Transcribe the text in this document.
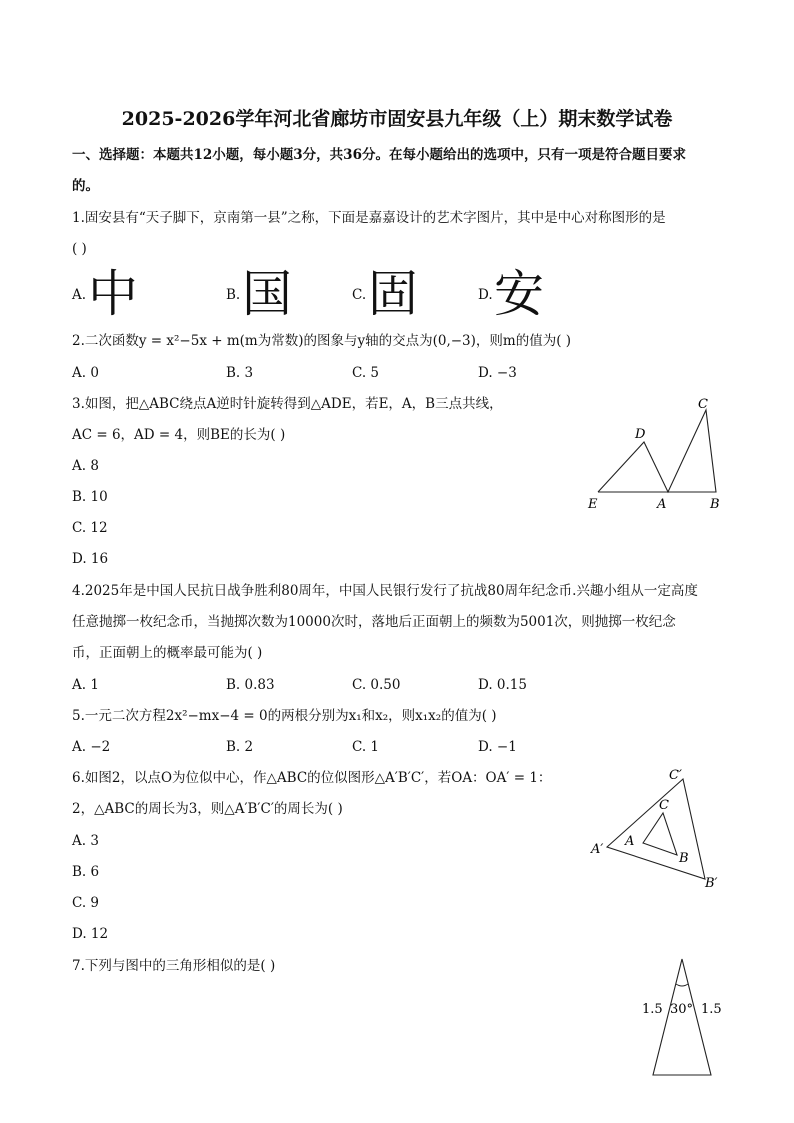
2025-2026学年河北省廊坊市固安县九年级（上）期末数学试卷
一、选择题：本题共12小题，每小题3分，共36分。在每小题给出的选项中，只有一项是符合题目要求
的。
1.固安县有“天子脚下，京南第一县”之称，下面是嘉嘉设计的艺术字图片，其中是中心对称图形的是
( )
A. 中	B. 国	C. 固	D. 安
2.二次函数y = x²−5x + m(m为常数)的图象与y轴的交点为(0,−3)，则m的值为( )
A. 0	B. 3	C. 5	D. −3
3.如图，把△ABC绕点A逆时针旋转得到△ADE，若E，A，B三点共线，
AC = 6，AD = 4，则BE的长为( )
A. 8
B. 10
C. 12
D. 16
C
D
E	A	B
4.2025年是中国人民抗日战争胜利80周年，中国人民银行发行了抗战80周年纪念币.兴趣小组从一定高度
任意抛掷一枚纪念币，当抛掷次数为10000次时，落地后正面朝上的频数为5001次，则抛掷一枚纪念
币，正面朝上的概率最可能为( )
A. 1	B. 0.83	C. 0.50	D. 0.15
5.一元二次方程2x²−mx−4 = 0的两根分别为x₁和x₂，则x₁x₂的值为( )
A. −2	B. 2	C. 1	D. −1
6.如图2，以点O为位似中心，作△ABC的位似图形△A′B′C′，若OA：OA′ = 1：
2，△ABC的周长为3，则△A′B′C′的周长为( )
A. 3
B. 6
C. 9
D. 12
C′
C
A′
A
B
B′
7.下列与图中的三角形相似的是( )
1.5 30° 1.5
